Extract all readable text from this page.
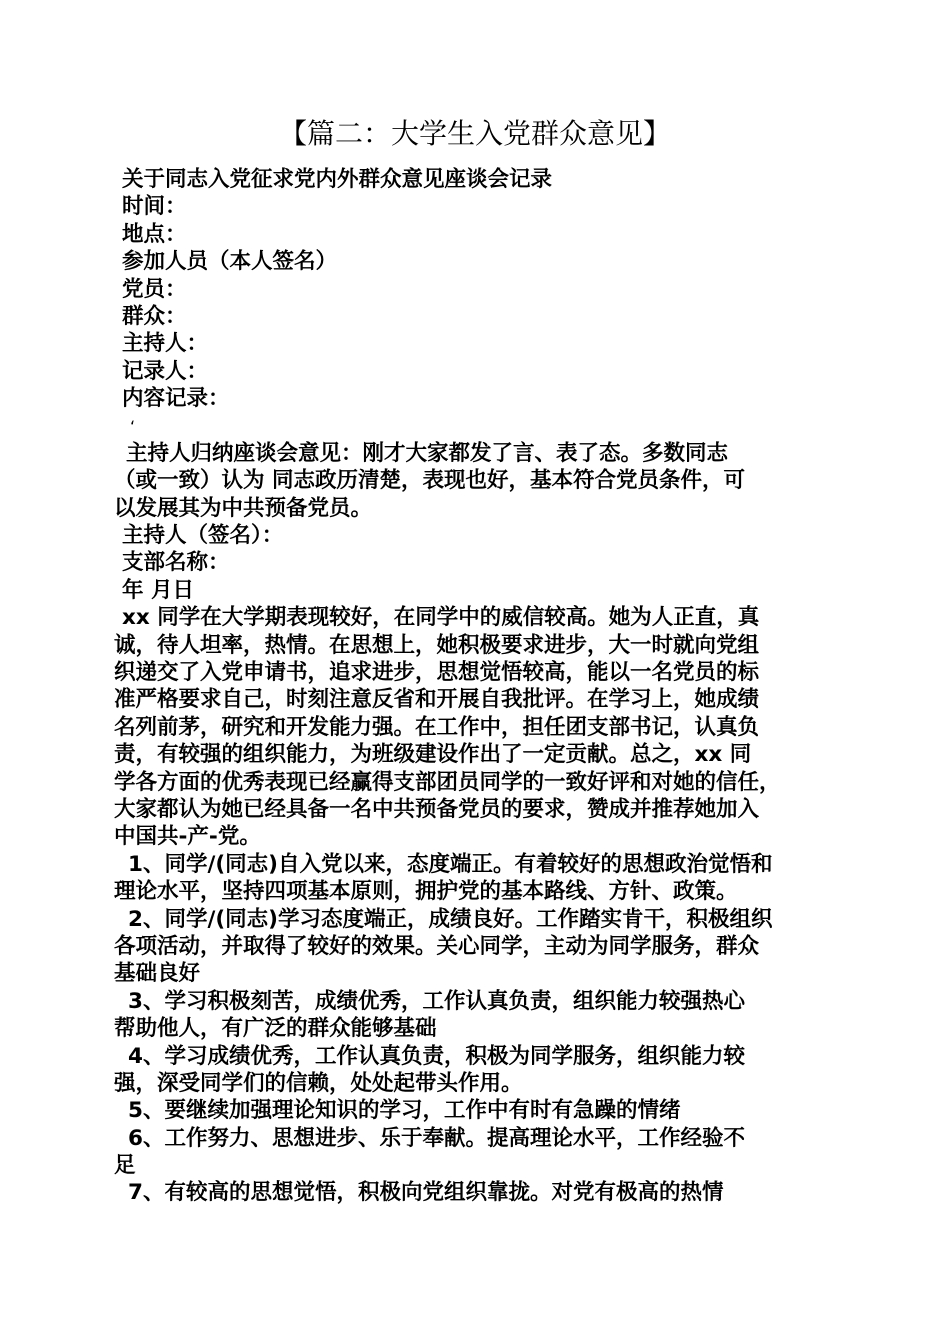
【篇二：大学生入党群众意见】
关于同志入党征求党内外群众意见座谈会记录
时间：
地点：
参加人员（本人签名）
党员：
群众：
主持人：
记录人：
内容记录：
‘
主持人归纳座谈会意见：刚才大家都发了言、表了态。多数同志
（或一致）认为 同志政历清楚，表现也好，基本符合党员条件，可
以发展其为中共预备党员。
主持人（签名）：
支部名称：
年 月日
xx 同学在大学期表现较好，在同学中的威信较高。她为人正直，真
诚，待人坦率，热情。在思想上，她积极要求进步，大一时就向党组
织递交了入党申请书，追求进步，思想觉悟较高，能以一名党员的标
准严格要求自己，时刻注意反省和开展自我批评。在学习上，她成绩
名列前茅，研究和开发能力强。在工作中，担任团支部书记，认真负
责，有较强的组织能力，为班级建设作出了一定贡献。总之，xx 同
学各方面的优秀表现已经赢得支部团员同学的一致好评和对她的信任，
大家都认为她已经具备一名中共预备党员的要求，赞成并推荐她加入
中国共-产-党。
1、同学/(同志)自入党以来，态度端正。有着较好的思想政治觉悟和
理论水平，坚持四项基本原则，拥护党的基本路线、方针、政策。
2、同学/(同志)学习态度端正，成绩良好。工作踏实肯干，积极组织
各项活动，并取得了较好的效果。关心同学，主动为同学服务，群众
基础良好
3、学习积极刻苦，成绩优秀，工作认真负责，组织能力较强热心
帮助他人，有广泛的群众能够基础
4、学习成绩优秀，工作认真负责，积极为同学服务，组织能力较
强，深受同学们的信赖，处处起带头作用。
5、要继续加强理论知识的学习，工作中有时有急躁的情绪
6、工作努力、思想进步、乐于奉献。提高理论水平，工作经验不
足
7、有较高的思想觉悟，积极向党组织靠拢。对党有极高的热情
